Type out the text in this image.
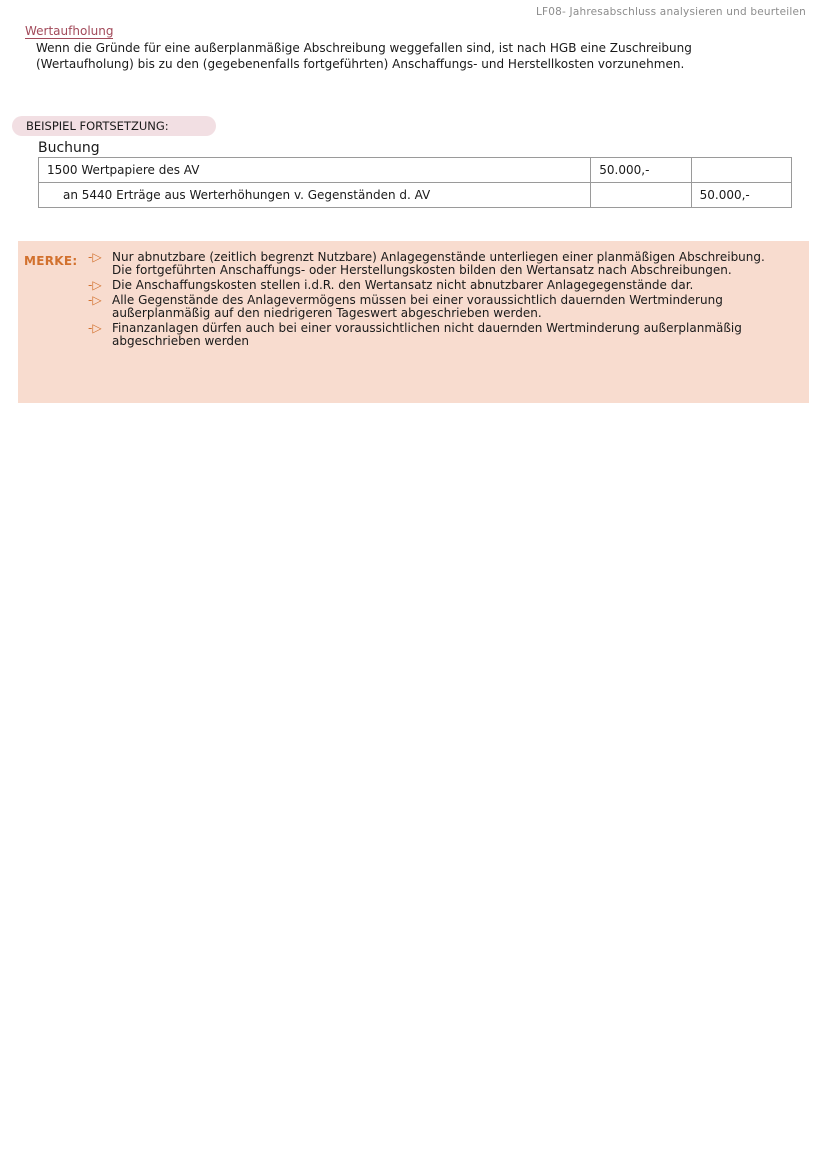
LF08- Jahresabschluss analysieren und beurteilen
Wertaufholung
Wenn die Gründe für eine außerplanmäßige Abschreibung weggefallen sind, ist nach HGB eine Zuschreibung (Wertaufholung) bis zu den (gegebenenfalls fortgeführten) Anschaffungs- und Herstellkosten vorzunehmen.
BEISPIEL FORTSETZUNG:
Buchung
1500 Wertpapiere des AV	50.000,-	
an 5440 Erträge aus Werterhöhungen v. Gegenständen d. AV		50.000,-
MERKE: -▷ Nur abnutzbare (zeitlich begrenzt Nutzbare) Anlagegenstände unterliegen einer planmäßigen Abschreibung. Die fortgeführten Anschaffungs- oder Herstellungskosten bilden den Wertansatz nach Abschreibungen.
-▷ Die Anschaffungskosten stellen i.d.R. den Wertansatz nicht abnutzbarer Anlagegegenstände dar.
-▷ Alle Gegenstände des Anlagevermögens müssen bei einer voraussichtlich dauernden Wertminderung außerplanmäßig auf den niedrigeren Tageswert abgeschrieben werden.
-▷ Finanzanlagen dürfen auch bei einer voraussichtlichen nicht dauernden Wertminderung außerplanmäßig abgeschrieben werden
